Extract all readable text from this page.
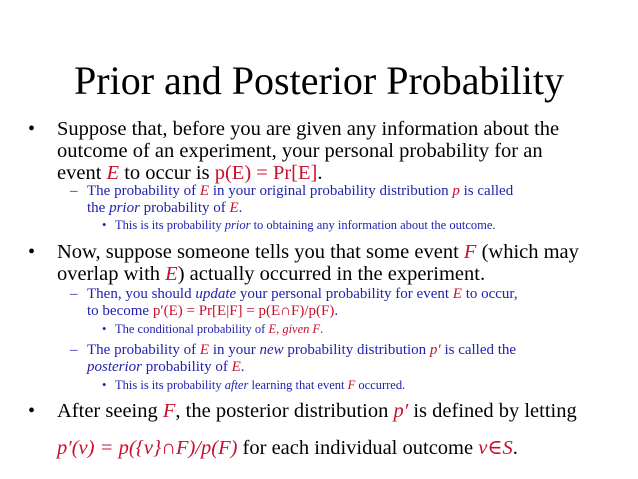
Prior and Posterior Probability
• Suppose that, before you are given any information about the
outcome of an experiment, your personal probability for an
event E to occur is p(E) = Pr[E].
– The probability of E in your original probability distribution p is called
the prior probability of E.
• This is its probability prior to obtaining any information about the outcome.
• Now, suppose someone tells you that some event F (which may
overlap with E) actually occurred in the experiment.
– Then, you should update your personal probability for event E to occur,
to become p′(E) = Pr[E|F] = p(E∩F)/p(F).
• The conditional probability of E, given F.
– The probability of E in your new probability distribution p′ is called the
posterior probability of E.
• This is its probability after learning that event F occurred.
• After seeing F, the posterior distribution p′ is defined by letting
p′(v) = p({v}∩F)/p(F) for each individual outcome v∈S.
